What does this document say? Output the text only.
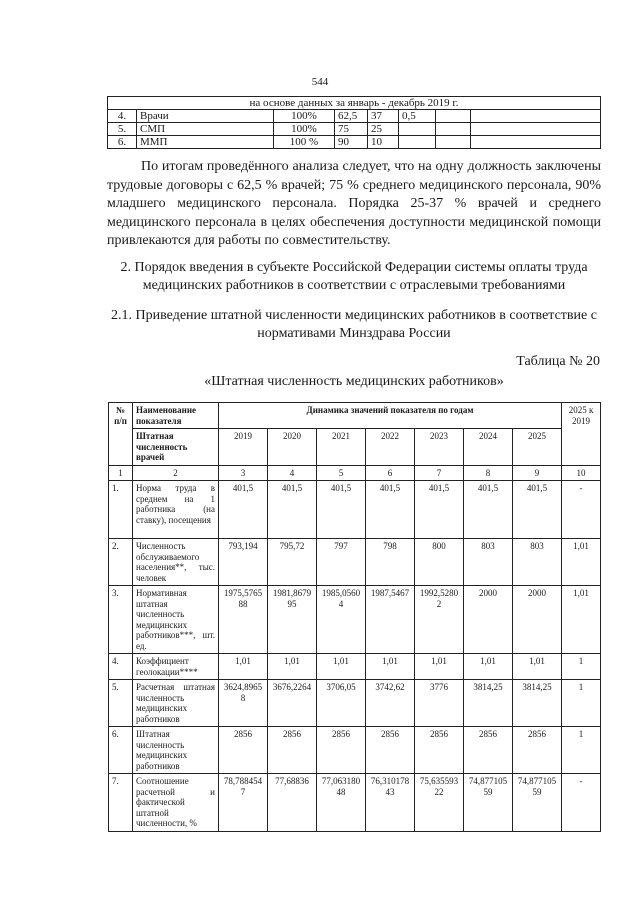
544
на основе данных за январь - декабрь 2019 г.							
4.	Врачи	100%	62,5	37	0,5		
5.	СМП	100%	75	25			
6.	ММП	100 %	90	10			
По итогам проведённого анализа следует, что на одну должность заключены трудовые договоры с 62,5 % врачей; 75 % среднего медицинского персонала, 90% младшего медицинского персонала. Порядка 25-37 % врачей и среднего медицинского персонала в целях обеспечения доступности медицинской помощи привлекаются для работы по совместительству.
2. Порядок введения в субъекте Российской Федерации системы оплаты труда медицинских работников в соответствии с отраслевыми требованиями
2.1. Приведение штатной численности медицинских работников в соответствие с нормативами Минздрава России
Таблица № 20
«Штатная численность медицинских работников»
№ п/п	Наименование показателя	Динамика значений показателя по годам							2025 к 2019
	Штатная численность врачей	2019	2020	2021	2022	2023	2024	2025	
1	2	3	4	5	6	7	8	9	10
1.	Норма труда в среднем на 1 работника (на ставку), посещения	401,5	401,5	401,5	401,5	401,5	401,5	401,5	-
2.	Численность обслуживаемого населения**, тыс. человек	793,194	795,72	797	798	800	803	803	1,01
3.	Нормативная штатная численность медицинских работников***, шт. ед.	1975,576588	1981,867995	1985,05604	1987,5467	1992,52802	2000	2000	1,01
4.	Коэффициент геолокации****	1,01	1,01	1,01	1,01	1,01	1,01	1,01	1
5.	Расчетная штатная численность медицинских работников	3624,89658	3676,2264	3706,05	3742,62	3776	3814,25	3814,25	1
6.	Штатная численность медицинских работников	2856	2856	2856	2856	2856	2856	2856	1
7.	Соотношение расчетной и фактической штатной численности, %	78,7884547	77,68836	77,06318048	76,31017843	75,63559322	74,87710559	74,87710559	-
